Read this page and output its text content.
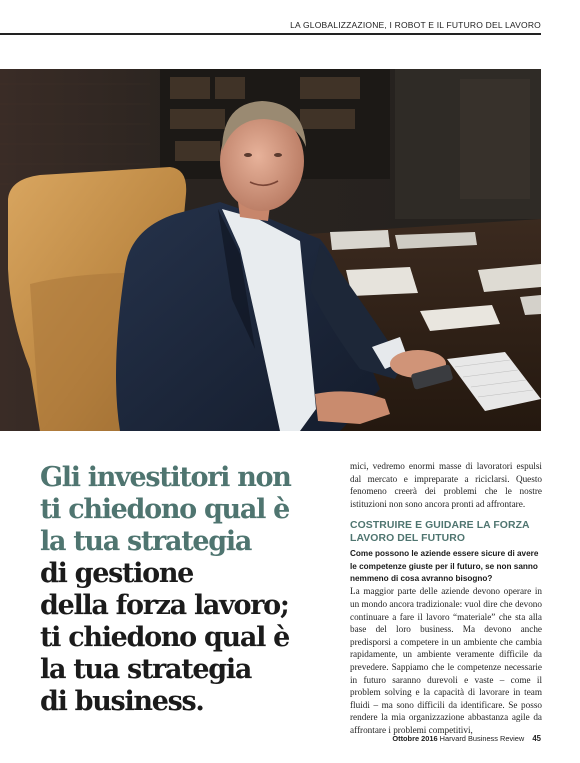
LA GLOBALIZZAZIONE, I ROBOT E IL FUTURO DEL LAVORO
Gli investitori non
ti chiedono qual è
la tua strategia
di gestione
della forza lavoro;
ti chiedono qual è
la tua strategia
di business.

mici, vedremo enormi masse di lavoratori espulsi dal mercato e impreparate a riciclarsi. Questo fenomeno creerà dei problemi che le nostre istituzioni non sono ancora pronti ad affrontare.

COSTRUIRE E GUIDARE LA FORZA LAVORO DEL FUTURO

Come possono le aziende essere sicure di avere le competenze giuste per il futuro, se non sanno nemmeno di cosa avranno bisogno?

La maggior parte delle aziende devono operare in un mondo ancora tradizionale: vuol dire che devono continuare a fare il lavoro “materiale” che sta alla base del loro business. Ma devono anche predisporsi a competere in un ambiente che cambia rapidamente, un ambiente veramente difficile da prevedere. Sappiamo che le competenze necessarie in futuro saranno durevoli e vaste – come il problem solving e la capacità di lavorare in team fluidi – ma sono difficili da identificare. Se posso rendere la mia organizzazione abbastanza agile da affrontare i problemi competitivi,

Ottobre 2016 Harvard Business Review 45
